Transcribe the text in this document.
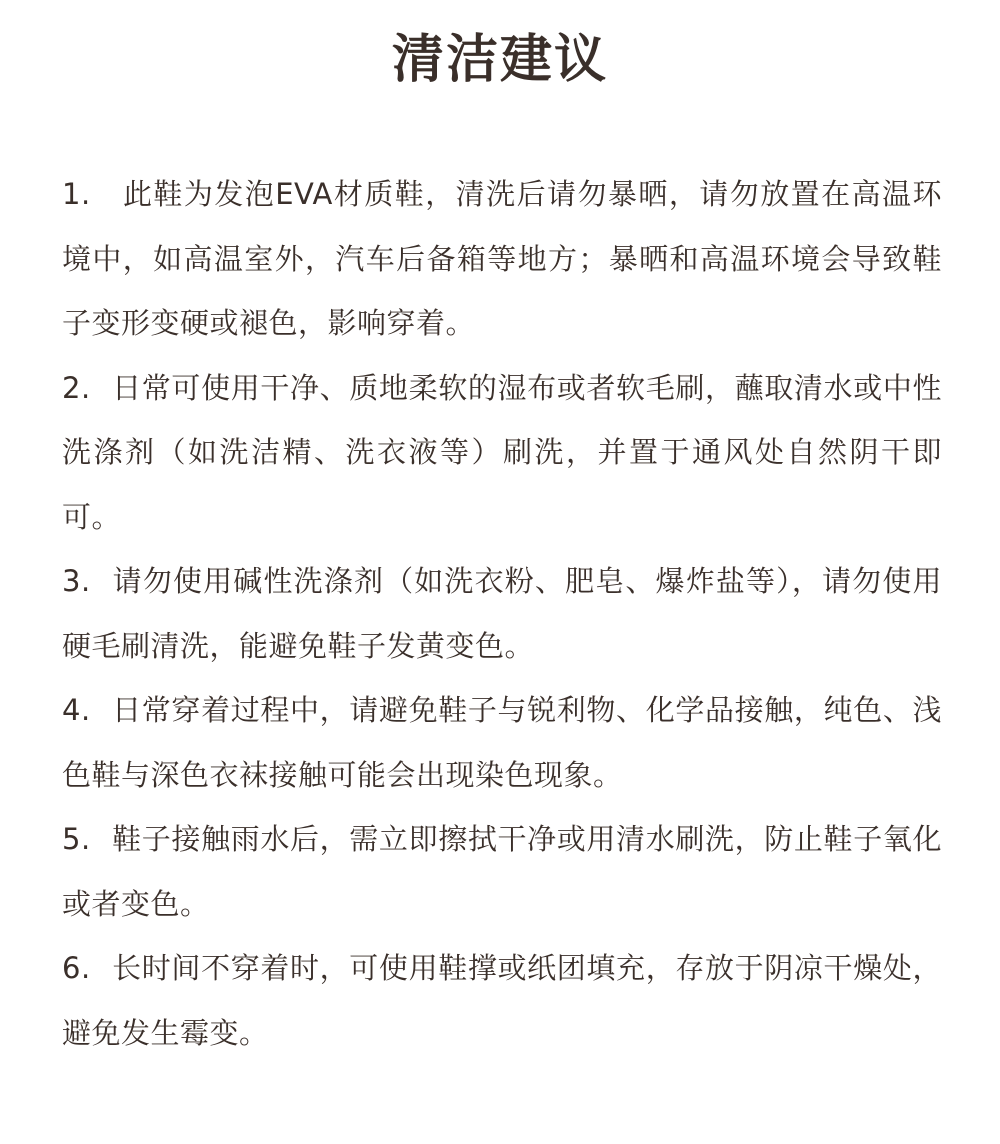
清洁建议
1. 此鞋为发泡EVA材质鞋，清洗后请勿暴晒，请勿放置在高温环境中，如高温室外，汽车后备箱等地方；暴晒和高温环境会导致鞋子变形变硬或褪色，影响穿着。
2. 日常可使用干净、质地柔软的湿布或者软毛刷，蘸取清水或中性洗涤剂（如洗洁精、洗衣液等）刷洗，并置于通风处自然阴干即可。
3. 请勿使用碱性洗涤剂（如洗衣粉、肥皂、爆炸盐等），请勿使用硬毛刷清洗，能避免鞋子发黄变色。
4. 日常穿着过程中，请避免鞋子与锐利物、化学品接触，纯色、浅色鞋与深色衣袜接触可能会出现染色现象。
5. 鞋子接触雨水后，需立即擦拭干净或用清水刷洗，防止鞋子氧化或者变色。
6. 长时间不穿着时，可使用鞋撑或纸团填充，存放于阴凉干燥处，避免发生霉变。
